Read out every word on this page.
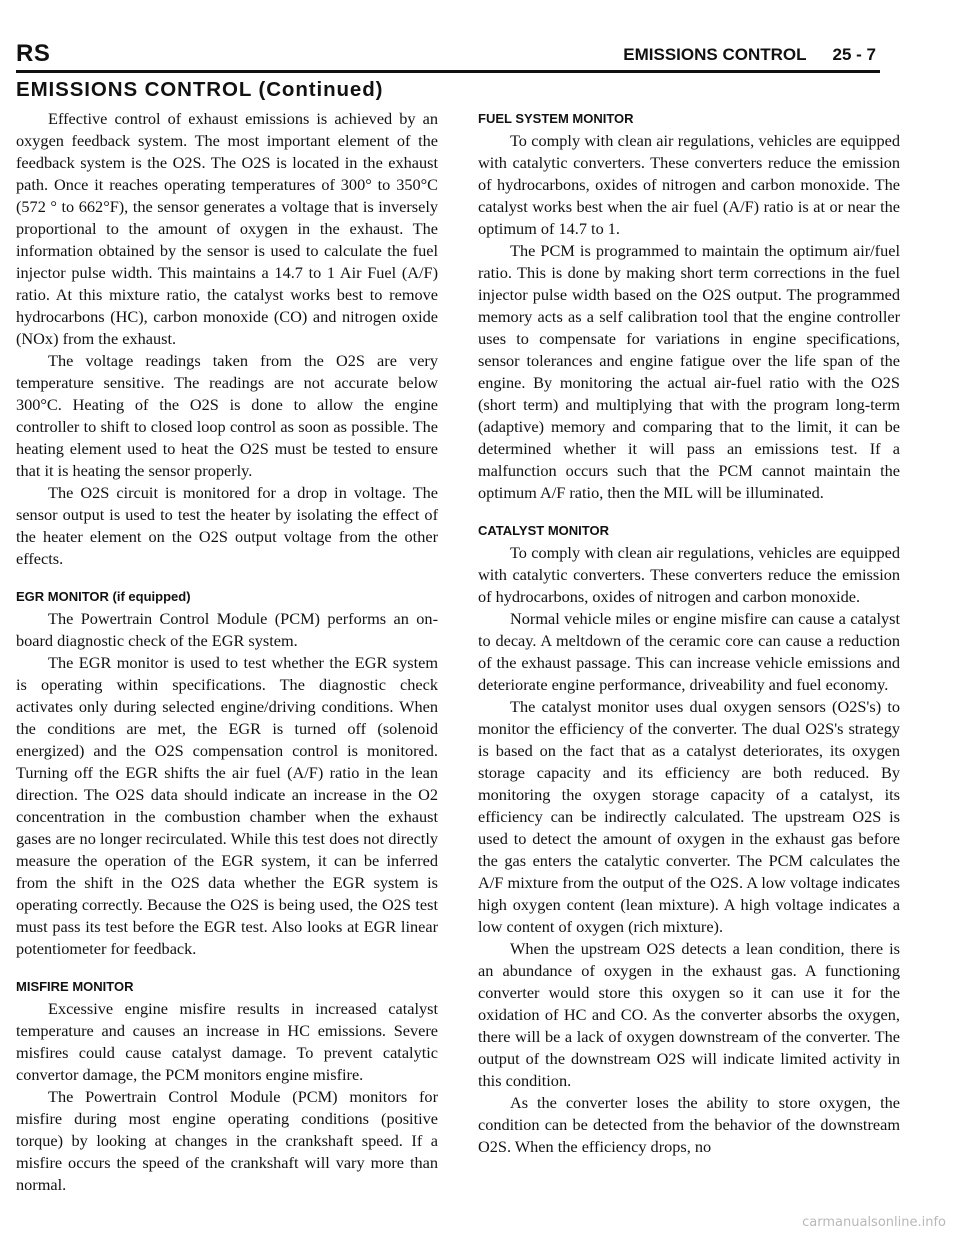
RS	EMISSIONS CONTROL 25 - 7
EMISSIONS CONTROL (Continued)

Effective control of exhaust emissions is achieved by an oxygen feedback system. The most important element of the feedback system is the O2S. The O2S is located in the exhaust path. Once it reaches operating temperatures of 300° to 350°C (572 ° to 662°F), the sensor generates a voltage that is inversely proportional to the amount of oxygen in the exhaust. The information obtained by the sensor is used to calculate the fuel injector pulse width. This maintains a 14.7 to 1 Air Fuel (A/F) ratio. At this mixture ratio, the catalyst works best to remove hydrocarbons (HC), carbon monoxide (CO) and nitrogen oxide (NOx) from the exhaust.

The voltage readings taken from the O2S are very temperature sensitive. The readings are not accurate below 300°C. Heating of the O2S is done to allow the engine controller to shift to closed loop control as soon as possible. The heating element used to heat the O2S must be tested to ensure that it is heating the sensor properly.

The O2S circuit is monitored for a drop in voltage. The sensor output is used to test the heater by isolating the effect of the heater element on the O2S output voltage from the other effects.

EGR MONITOR (if equipped)

The Powertrain Control Module (PCM) performs an on-board diagnostic check of the EGR system.

The EGR monitor is used to test whether the EGR system is operating within specifications. The diagnostic check activates only during selected engine/driving conditions. When the conditions are met, the EGR is turned off (solenoid energized) and the O2S compensation control is monitored. Turning off the EGR shifts the air fuel (A/F) ratio in the lean direction. The O2S data should indicate an increase in the O2 concentration in the combustion chamber when the exhaust gases are no longer recirculated. While this test does not directly measure the operation of the EGR system, it can be inferred from the shift in the O2S data whether the EGR system is operating correctly. Because the O2S is being used, the O2S test must pass its test before the EGR test. Also looks at EGR linear potentiometer for feedback.

MISFIRE MONITOR

Excessive engine misfire results in increased catalyst temperature and causes an increase in HC emissions. Severe misfires could cause catalyst damage. To prevent catalytic convertor damage, the PCM monitors engine misfire.

The Powertrain Control Module (PCM) monitors for misfire during most engine operating conditions (positive torque) by looking at changes in the crankshaft speed. If a misfire occurs the speed of the crankshaft will vary more than normal.

FUEL SYSTEM MONITOR

To comply with clean air regulations, vehicles are equipped with catalytic converters. These converters reduce the emission of hydrocarbons, oxides of nitrogen and carbon monoxide. The catalyst works best when the air fuel (A/F) ratio is at or near the optimum of 14.7 to 1.

The PCM is programmed to maintain the optimum air/fuel ratio. This is done by making short term corrections in the fuel injector pulse width based on the O2S output. The programmed memory acts as a self calibration tool that the engine controller uses to compensate for variations in engine specifications, sensor tolerances and engine fatigue over the life span of the engine. By monitoring the actual air-fuel ratio with the O2S (short term) and multiplying that with the program long-term (adaptive) memory and comparing that to the limit, it can be determined whether it will pass an emissions test. If a malfunction occurs such that the PCM cannot maintain the optimum A/F ratio, then the MIL will be illuminated.

CATALYST MONITOR

To comply with clean air regulations, vehicles are equipped with catalytic converters. These converters reduce the emission of hydrocarbons, oxides of nitrogen and carbon monoxide.

Normal vehicle miles or engine misfire can cause a catalyst to decay. A meltdown of the ceramic core can cause a reduction of the exhaust passage. This can increase vehicle emissions and deteriorate engine performance, driveability and fuel economy.

The catalyst monitor uses dual oxygen sensors (O2S's) to monitor the efficiency of the converter. The dual O2S's strategy is based on the fact that as a catalyst deteriorates, its oxygen storage capacity and its efficiency are both reduced. By monitoring the oxygen storage capacity of a catalyst, its efficiency can be indirectly calculated. The upstream O2S is used to detect the amount of oxygen in the exhaust gas before the gas enters the catalytic converter. The PCM calculates the A/F mixture from the output of the O2S. A low voltage indicates high oxygen content (lean mixture). A high voltage indicates a low content of oxygen (rich mixture).

When the upstream O2S detects a lean condition, there is an abundance of oxygen in the exhaust gas. A functioning converter would store this oxygen so it can use it for the oxidation of HC and CO. As the converter absorbs the oxygen, there will be a lack of oxygen downstream of the converter. The output of the downstream O2S will indicate limited activity in this condition.

As the converter loses the ability to store oxygen, the condition can be detected from the behavior of the downstream O2S. When the efficiency drops, no

carmanualsonline.info
